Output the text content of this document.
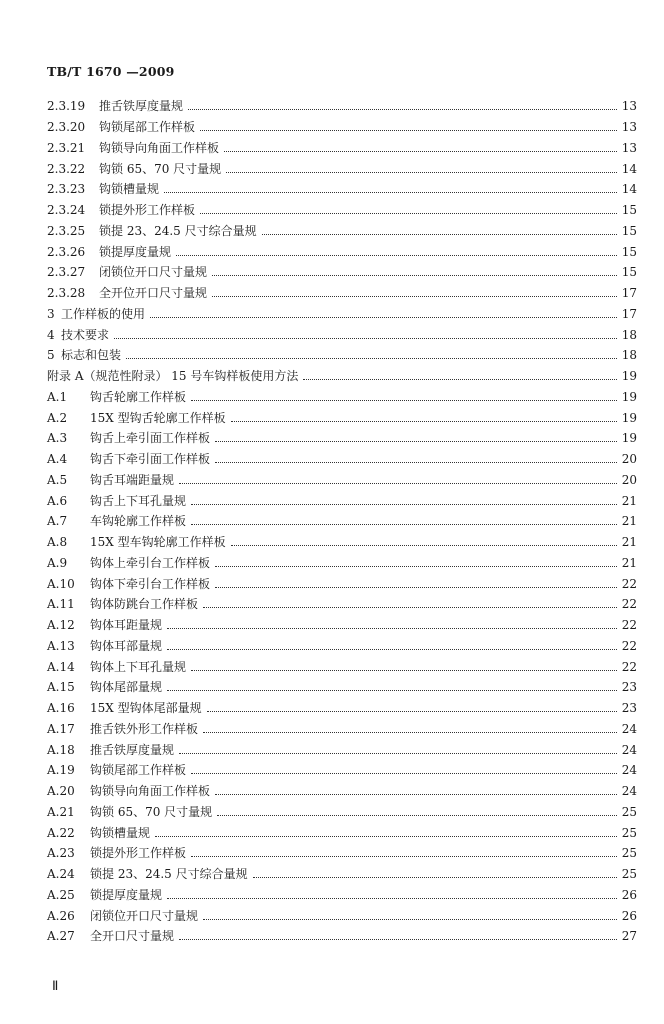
TB/T 1670 —2009
2.3.19	推舌铁厚度量规	13
2.3.20	钩锁尾部工作样板	13
2.3.21	钩锁导向角面工作样板	13
2.3.22	钩锁 65、70 尺寸量规	14
2.3.23	钩锁槽量规	14
2.3.24	锁提外形工作样板	15
2.3.25	锁提 23、24.5 尺寸综合量规	15
2.3.26	锁提厚度量规	15
2.3.27	闭锁位开口尺寸量规	15
2.3.28	全开位开口尺寸量规	17
3 工作样板的使用	17
4 技术要求	18
5 标志和包装	18
附录 A（规范性附录） 15 号车钩样板使用方法	19
A.1	钩舌轮廓工作样板	19
A.2	15X 型钩舌轮廓工作样板	19
A.3	钩舌上牵引面工作样板	19
A.4	钩舌下牵引面工作样板	20
A.5	钩舌耳端距量规	20
A.6	钩舌上下耳孔量规	21
A.7	车钩轮廓工作样板	21
A.8	15X 型车钩轮廓工作样板	21
A.9	钩体上牵引台工作样板	21
A.10	钩体下牵引台工作样板	22
A.11	钩体防跳台工作样板	22
A.12	钩体耳距量规	22
A.13	钩体耳部量规	22
A.14	钩体上下耳孔量规	22
A.15	钩体尾部量规	23
A.16	15X 型钩体尾部量规	23
A.17	推舌铁外形工作样板	24
A.18	推舌铁厚度量规	24
A.19	钩锁尾部工作样板	24
A.20	钩锁导向角面工作样板	24
A.21	钩锁 65、70 尺寸量规	25
A.22	钩锁槽量规	25
A.23	锁提外形工作样板	25
A.24	锁提 23、24.5 尺寸综合量规	25
A.25	锁提厚度量规	26
A.26	闭锁位开口尺寸量规	26
A.27	全开口尺寸量规	27
Ⅱ
